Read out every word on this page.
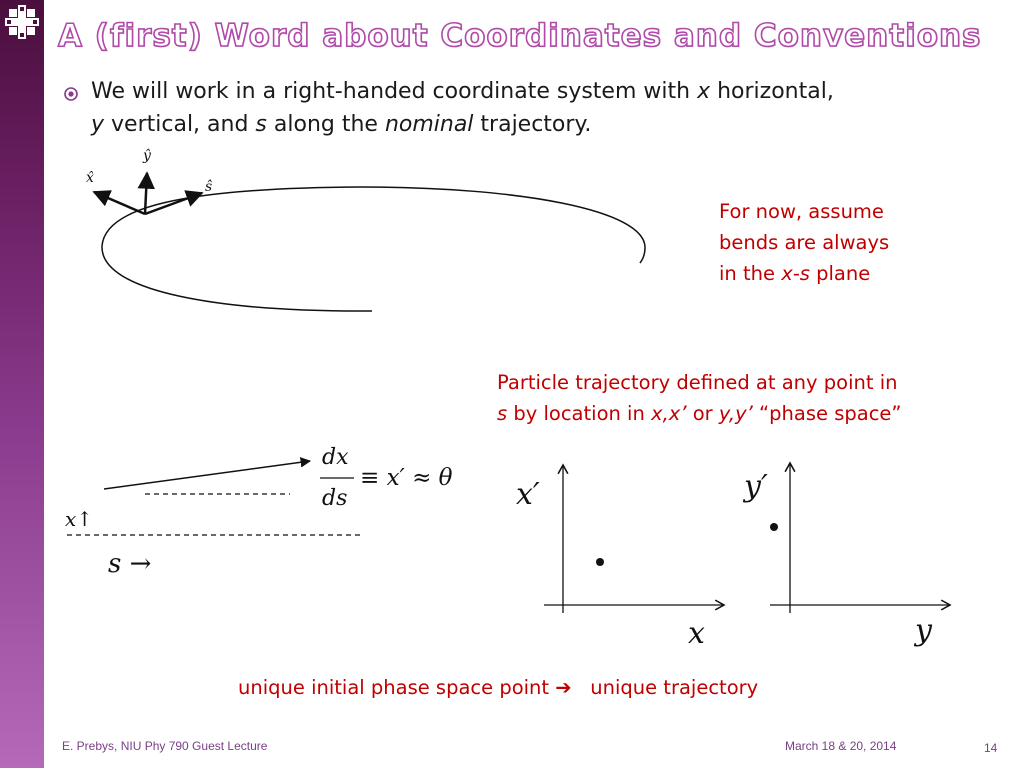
A (first) Word about Coordinates and Conventions
We will work in a right-handed coordinate system with x horizontal,
y vertical, and s along the nominal trajectory.
For now, assume
bends are always
in the x-s plane
Particle trajectory defined at any point in
s by location in x,x’ or y,y’ “phase space”
x̂
ŷ
ŝ
dx
ds
≡ x′ ≈ θ
x↑
s →
x′
x
y′
y
unique initial phase space point ➔ unique trajectory
E. Prebys, NIU Phy 790 Guest Lecture	March 18 & 20, 2014	14
